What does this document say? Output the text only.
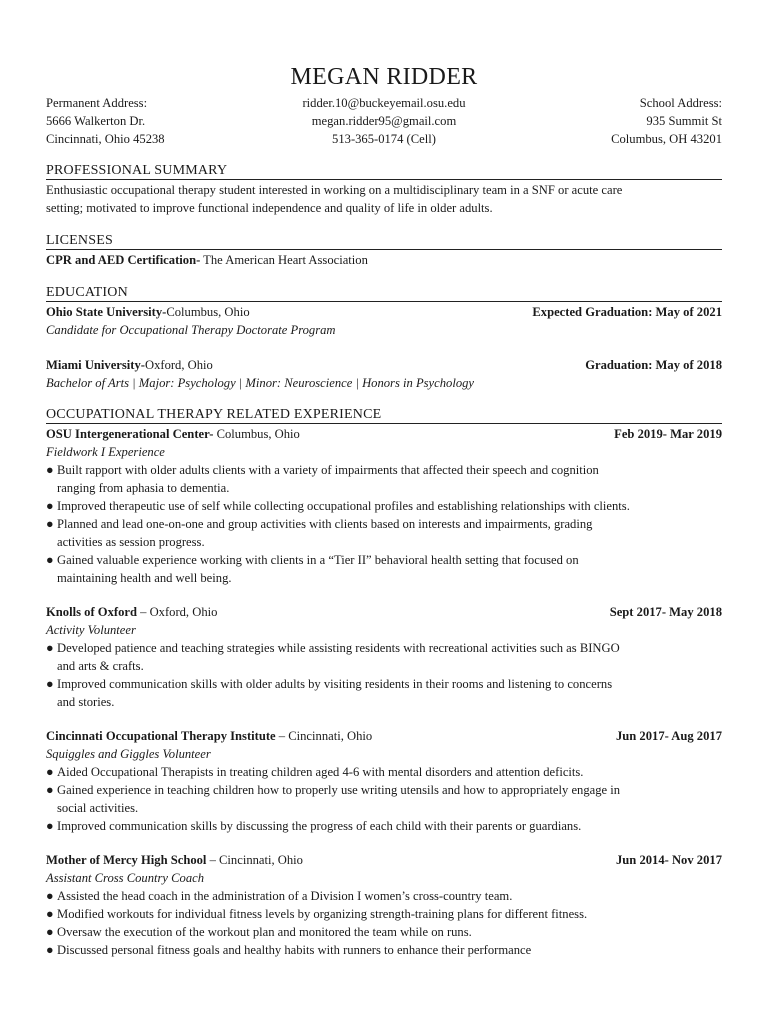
MEGAN RIDDER
Permanent Address:
5666 Walkerton Dr.
Cincinnati, Ohio 45238
ridder.10@buckeyemail.osu.edu
megan.ridder95@gmail.com
513-365-0174 (Cell)
School Address:
935 Summit St
Columbus, OH 43201
PROFESSIONAL SUMMARY

Enthusiastic occupational therapy student interested in working on a multidisciplinary team in a SNF or acute care

setting; motivated to improve functional independence and quality of life in older adults.

LICENSES
CPR and AED Certification- The American Heart Association
EDUCATION
Ohio State University-Columbus, Ohio	Expected Graduation: May of 2021
Candidate for Occupational Therapy Doctorate Program
Miami University-Oxford, Ohio	Graduation: May of 2018
Bachelor of Arts | Major: Psychology | Minor: Neuroscience | Honors in Psychology
OCCUPATIONAL THERAPY RELATED EXPERIENCE
OSU Intergenerational Center- Columbus, Ohio	Feb 2019- Mar 2019
Fieldwork I Experience
● Built rapport with older adults clients with a variety of impairments that affected their speech and cognition
ranging from aphasia to dementia.
● Improved therapeutic use of self while collecting occupational profiles and establishing relationships with clients.
● Planned and lead one-on-one and group activities with clients based on interests and impairments, grading
activities as session progress.
● Gained valuable experience working with clients in a “Tier II” behavioral health setting that focused on
maintaining health and well being.
Knolls of Oxford – Oxford, Ohio	Sept 2017- May 2018
Activity Volunteer
● Developed patience and teaching strategies while assisting residents with recreational activities such as BINGO
and arts & crafts.
● Improved communication skills with older adults by visiting residents in their rooms and listening to concerns
and stories.
Cincinnati Occupational Therapy Institute – Cincinnati, Ohio	Jun 2017- Aug 2017
Squiggles and Giggles Volunteer
● Aided Occupational Therapists in treating children aged 4-6 with mental disorders and attention deficits.
● Gained experience in teaching children how to properly use writing utensils and how to appropriately engage in
social activities.
● Improved communication skills by discussing the progress of each child with their parents or guardians.
Mother of Mercy High School – Cincinnati, Ohio	Jun 2014- Nov 2017
Assistant Cross Country Coach
● Assisted the head coach in the administration of a Division I women’s cross-country team.
● Modified workouts for individual fitness levels by organizing strength-training plans for different fitness.
● Oversaw the execution of the workout plan and monitored the team while on runs.
● Discussed personal fitness goals and healthy habits with runners to enhance their performance
